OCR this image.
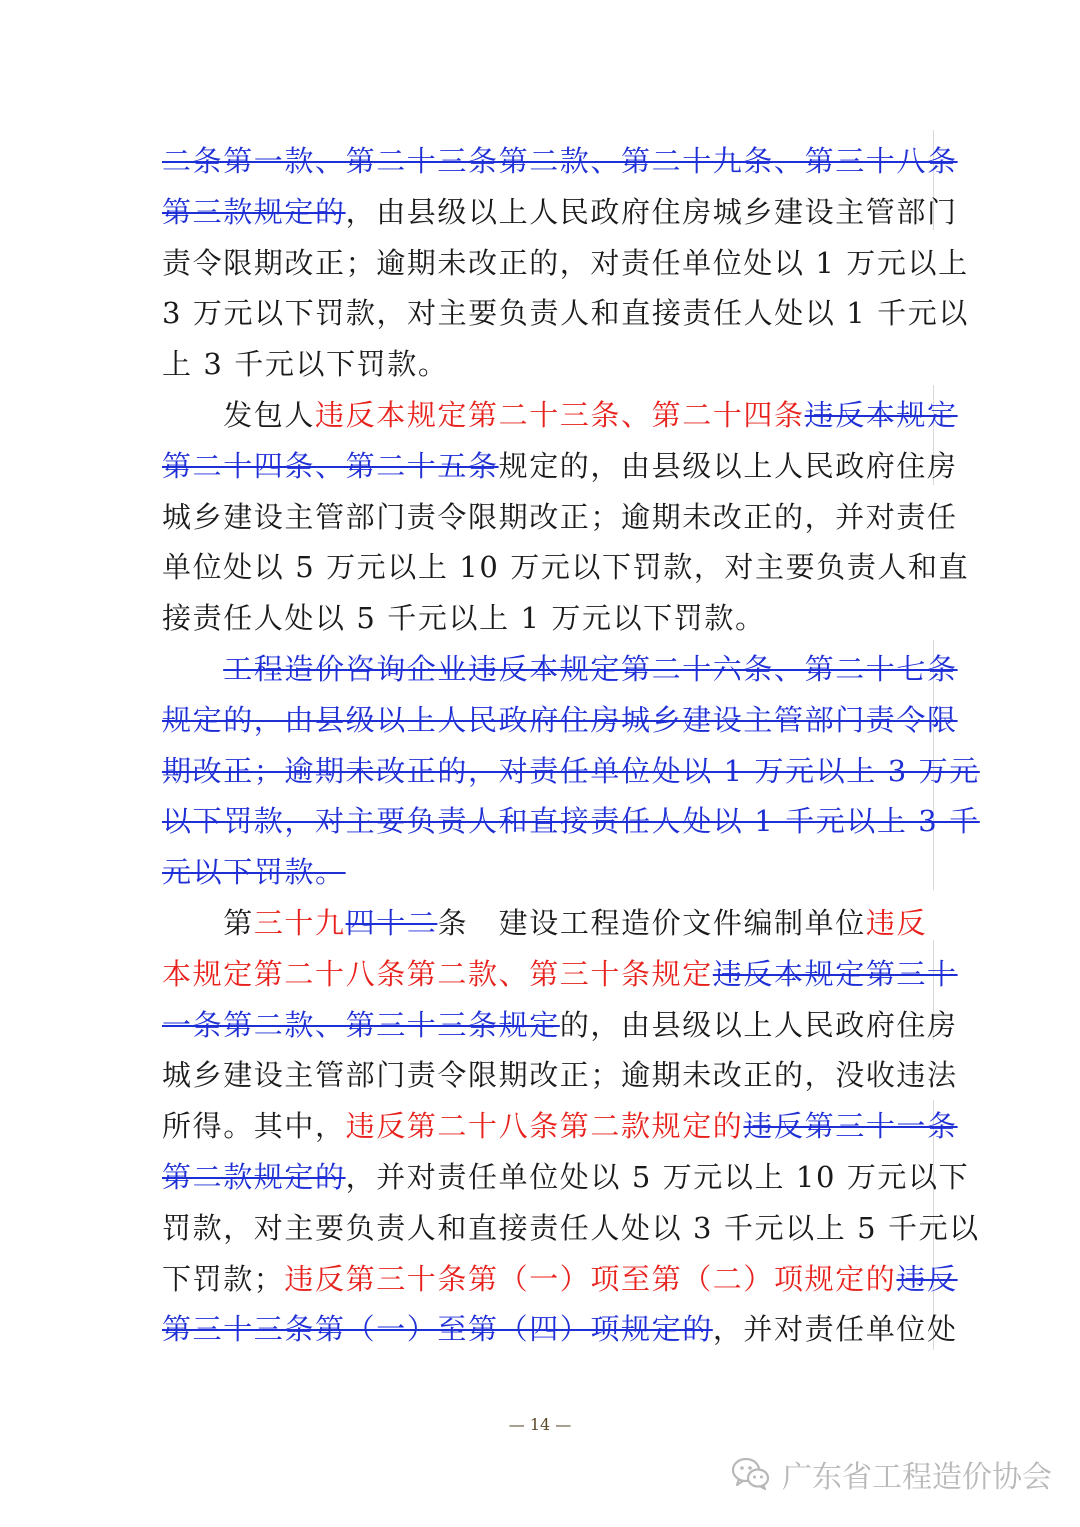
二条第一款、第二十三条第二款、第二十九条、第三十八条
第三款规定的，由县级以上人民政府住房城乡建设主管部门
责令限期改正；逾期未改正的，对责任单位处以 1 万元以上
3 万元以下罚款，对主要负责人和直接责任人处以 1 千元以
上 3 千元以下罚款。
　　发包人违反本规定第二十三条、第二十四条违反本规定
第二十四条、第二十五条规定的，由县级以上人民政府住房
城乡建设主管部门责令限期改正；逾期未改正的，并对责任
单位处以 5 万元以上 10 万元以下罚款，对主要负责人和直
接责任人处以 5 千元以上 1 万元以下罚款。
　　工程造价咨询企业违反本规定第二十六条、第二十七条
规定的，由县级以上人民政府住房城乡建设主管部门责令限
期改正；逾期未改正的，对责任单位处以 1 万元以上 3 万元
以下罚款，对主要负责人和直接责任人处以 1 千元以上 3 千
元以下罚款。
　　第三十九四十二条　建设工程造价文件编制单位违反
本规定第二十八条第二款、第三十条规定违反本规定第三十
一条第二款、第三十三条规定的，由县级以上人民政府住房
城乡建设主管部门责令限期改正；逾期未改正的，没收违法
所得。其中，违反第二十八条第二款规定的违反第三十一条
第二款规定的，并对责任单位处以 5 万元以上 10 万元以下
罚款，对主要负责人和直接责任人处以 3 千元以上 5 千元以
下罚款；违反第三十条第（一）项至第（二）项规定的违反
第三十三条第（一）至第（四）项规定的，并对责任单位处
— 14 —
广东省工程造价协会
